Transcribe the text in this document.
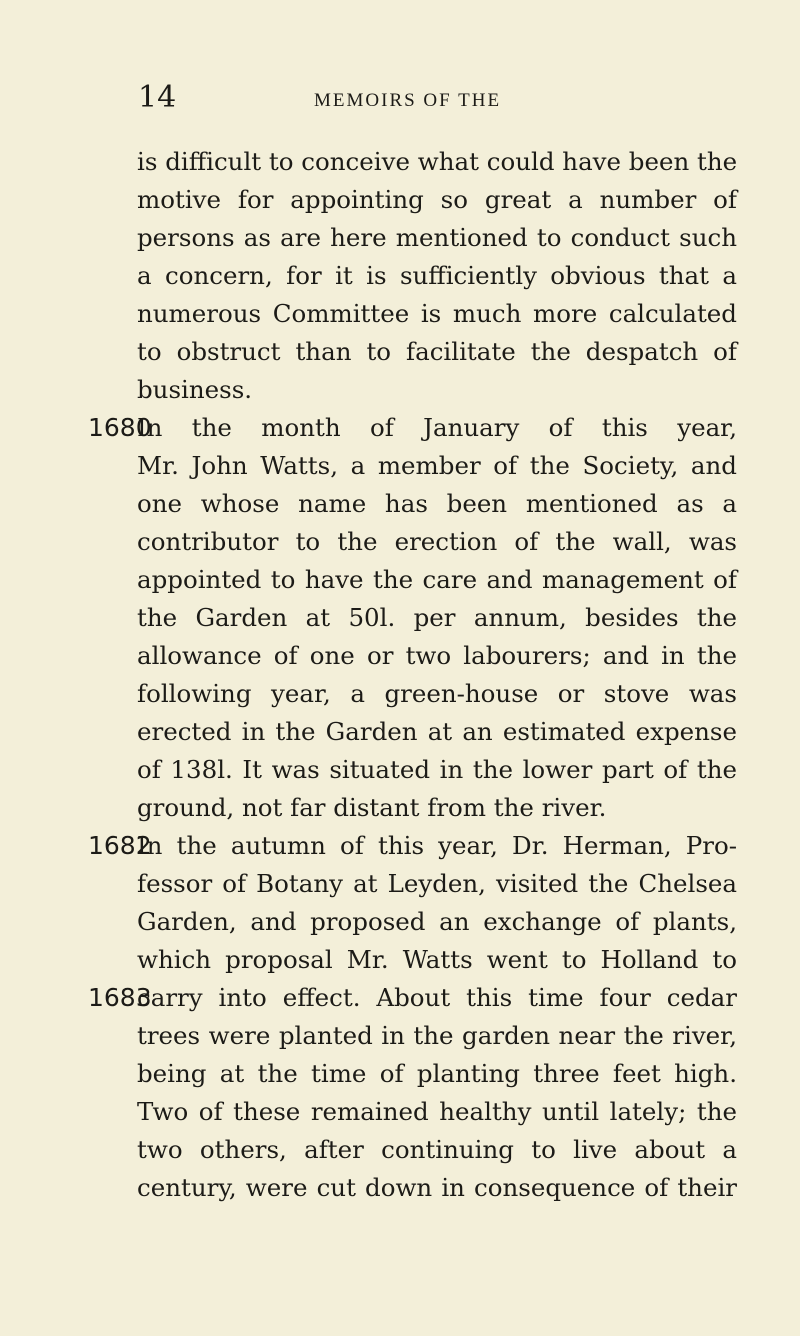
14	MEMOIRS OF THE
is difficult to conceive what could have been the
motive for appointing so great a number of
persons as are here mentioned to conduct such
a concern, for it is sufficiently obvious that a
numerous Committee is much more calculated
to obstruct than to facilitate the despatch of
business.
1680
In the month of January of this year,
Mr. John Watts, a member of the Society, and
one whose name has been mentioned as a
contributor to the erection of the wall, was
appointed to have the care and management of
the Garden at 50l. per annum, besides the
allowance of one or two labourers; and in the
following year, a green-house or stove was
erected in the Garden at an estimated expense
of 138l. It was situated in the lower part of the
ground, not far distant from the river.
1682
In the autumn of this year, Dr. Herman, Pro-
fessor of Botany at Leyden, visited the Chelsea
Garden, and proposed an exchange of plants,
which proposal Mr. Watts went to Holland to
1683
carry into effect. About this time four cedar
trees were planted in the garden near the river,
being at the time of planting three feet high.
Two of these remained healthy until lately; the
two others, after continuing to live about a
century, were cut down in consequence of their
